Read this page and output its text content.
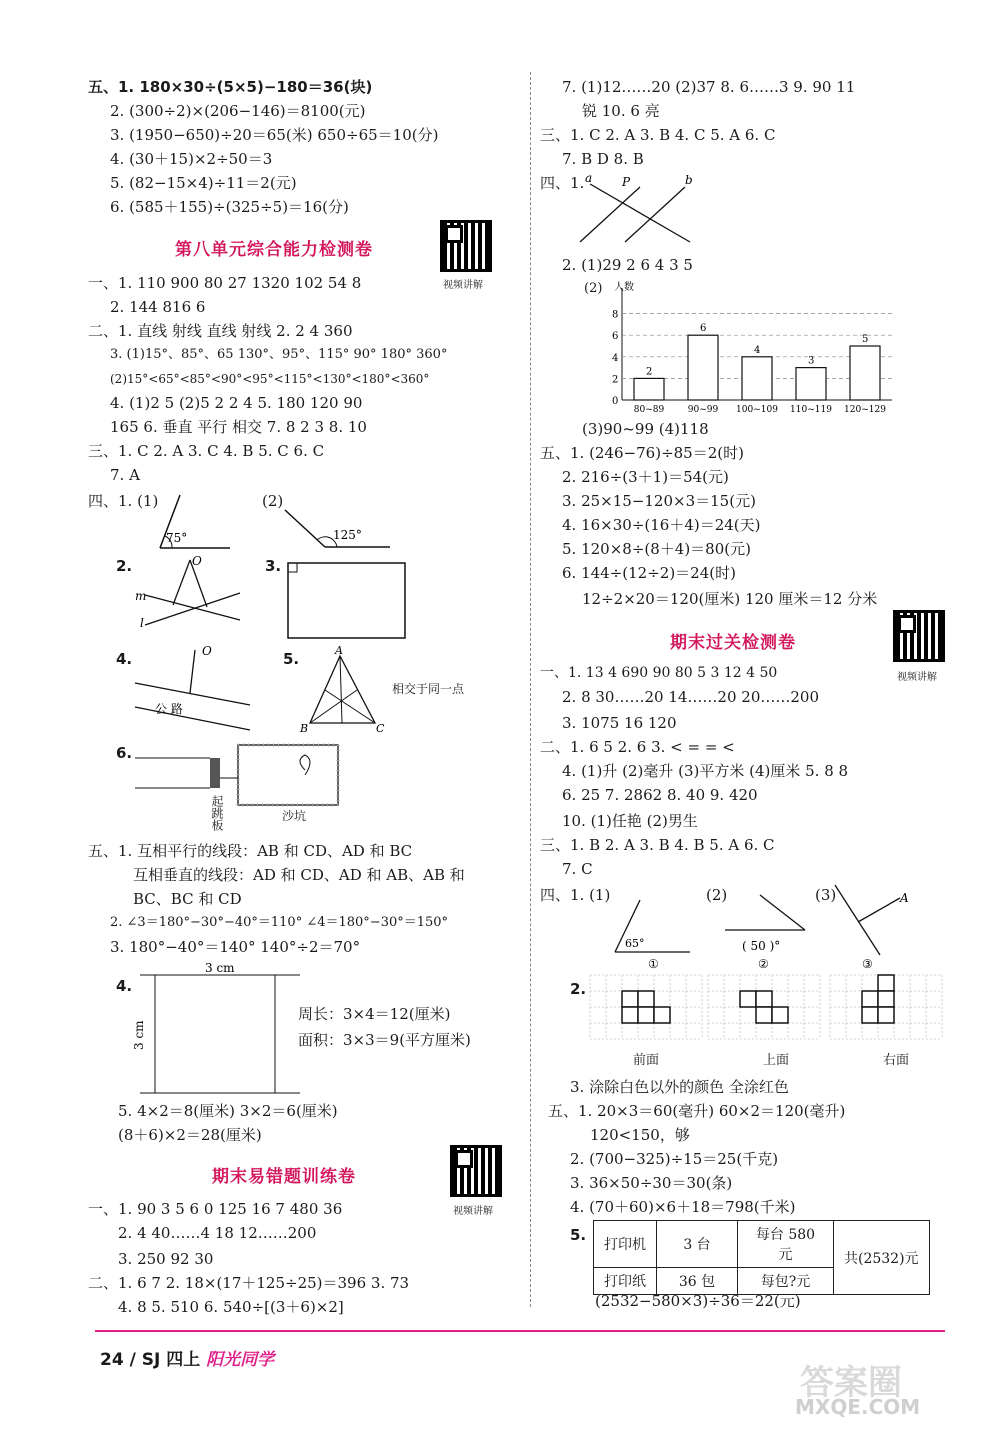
五、1. 180×30÷(5×5)−180＝36(块)
2. (300÷2)×(206−146)＝8100(元)
3. (1950−650)÷20＝65(米) 650÷65＝10(分)
4. (30＋15)×2÷50＝3
5. (82−15×4)÷11＝2(元)
6. (585＋155)÷(325÷5)＝16(分)
第八单元综合能力检测卷
视频讲解
一、1. 110 900 80 27 1320 102 54 8
2. 144 816 6
二、1. 直线 射线 直线 射线 2. 2 4 360
3. (1)15°、85°、65 130°、95°、115° 90° 180° 360°
(2)15°<65°<85°<90°<95°<115°<130°<180°<360°
4. (1)2 5 (2)5 2 2 4 5. 180 120 90
165 6. 垂直 平行 相交 7. 8 2 3 8. 10
三、1. C 2. A 3. C 4. B 5. C 6. C
7. A
四、1. (1)
75°
(2)
125°
2.	O
m
l
3.
4.	O
公 路
5.	A
B	C
相交于同一点
6.
起跳板	沙坑
五、1. 互相平行的线段：AB 和 CD、AD 和 BC
互相垂直的线段：AD 和 CD、AD 和 AB、AB 和
BC、BC 和 CD
2. ∠3＝180°−30°−40°＝110° ∠4＝180°−30°＝150°
3. 180°−40°＝140° 140°÷2＝70°
4.
3 cm
3 cm
周长：3×4＝12(厘米)
面积：3×3＝9(平方厘米)
5. 4×2＝8(厘米) 3×2＝6(厘米)
(8＋6)×2＝28(厘米)
期末易错题训练卷
视频讲解
一、1. 90 3 5 6 0 125 16 7 480 36
2. 4 40……4 18 12……200
3. 250 92 30
二、1. 6 7 2. 18×(17＋125÷25)＝396 3. 73
4. 8 5. 510 6. 540÷[(3＋6)×2]
7. (1)12……20 (2)37 8. 6……3 9. 90 11
锐 10. 6 亮
三、1. C 2. A 3. B 4. C 5. A 6. C
7. B D 8. B
四、1. a P	b
2. (1)29 2 6 4 3 5
(2) 人数
0
2
4
6
8
2
80~89
6
90~99
4
100~109
3
110~119
5
120~129
(3)90~99 (4)118
五、1. (246−76)÷85＝2(时)
2. 216÷(3＋1)＝54(元)
3. 25×15−120×3＝15(元)
4. 16×30÷(16＋4)＝24(天)
5. 120×8÷(8＋4)＝80(元)
6. 144÷(12÷2)＝24(时)
12÷2×20＝120(厘米) 120 厘米＝12 分米
期末过关检测卷
视频讲解
一、1. 13 4 690 90 80 5 3 12 4 50
2. 8 30……20 14……20 20……200
3. 1075 16 120
二、1. 6 5 2. 6 3. < = = <
4. (1)升 (2)毫升 (3)平方米 (4)厘米 5. 8 8
6. 25 7. 2862 8. 40 9. 420
10. (1)任艳 (2)男生
三、1. B 2. A 3. B 4. B 5. A 6. C
7. C
四、1. (1)
65°
①
(2)
( 50 )°
②
(3)	A
③
2.
前面	上面	右面
3. 涂除白色以外的颜色 全涂红色
五、1. 20×3＝60(毫升) 60×2＝120(毫升)
120<150，够
2. (700−325)÷15＝25(千克)
3. 36×50÷30＝30(条)
4. (70＋60)×6＋18＝798(千米)
5.
打印机	3 台	每台 580 元	共(2532)元
打印纸	36 包	每包?元	
(2532−580×3)÷36＝22(元)
24 / SJ 四上 阳光同学
答案圈
MXQE.COM
